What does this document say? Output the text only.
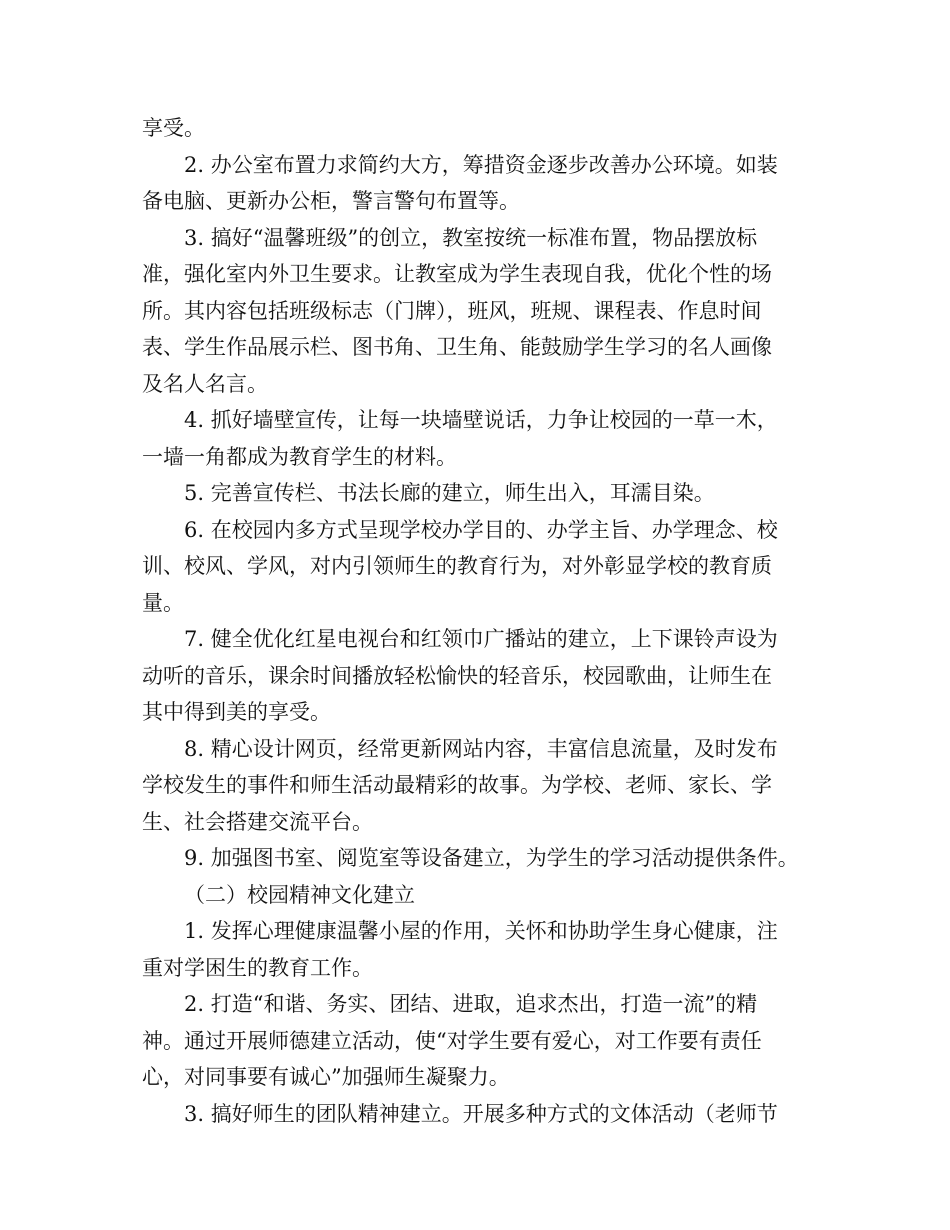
享受。
2. 办公室布置力求简约大方，筹措资金逐步改善办公环境。如装
备电脑、更新办公柜，警言警句布置等。
3. 搞好“温馨班级”的创立，教室按统一标准布置，物品摆放标
准，强化室内外卫生要求。让教室成为学生表现自我，优化个性的场
所。其内容包括班级标志（门牌），班风，班规、课程表、作息时间
表、学生作品展示栏、图书角、卫生角、能鼓励学生学习的名人画像
及名人名言。
4. 抓好墙壁宣传，让每一块墙壁说话，力争让校园的一草一木，
一墙一角都成为教育学生的材料。
5. 完善宣传栏、书法长廊的建立，师生出入，耳濡目染。
6. 在校园内多方式呈现学校办学目的、办学主旨、办学理念、校
训、校风、学风，对内引领师生的教育行为，对外彰显学校的教育质
量。
7. 健全优化红星电视台和红领巾广播站的建立，上下课铃声设为
动听的音乐，课余时间播放轻松愉快的轻音乐，校园歌曲，让师生在
其中得到美的享受。
8. 精心设计网页，经常更新网站内容，丰富信息流量，及时发布
学校发生的事件和师生活动最精彩的故事。为学校、老师、家长、学
生、社会搭建交流平台。
9. 加强图书室、阅览室等设备建立，为学生的学习活动提供条件。
（二）校园精神文化建立
1. 发挥心理健康温馨小屋的作用，关怀和协助学生身心健康，注
重对学困生的教育工作。
2. 打造“和谐、务实、团结、进取，追求杰出，打造一流”的精
神。通过开展师德建立活动，使“对学生要有爱心，对工作要有责任
心，对同事要有诚心”加强师生凝聚力。
3. 搞好师生的团队精神建立。开展多种方式的文体活动（老师节
